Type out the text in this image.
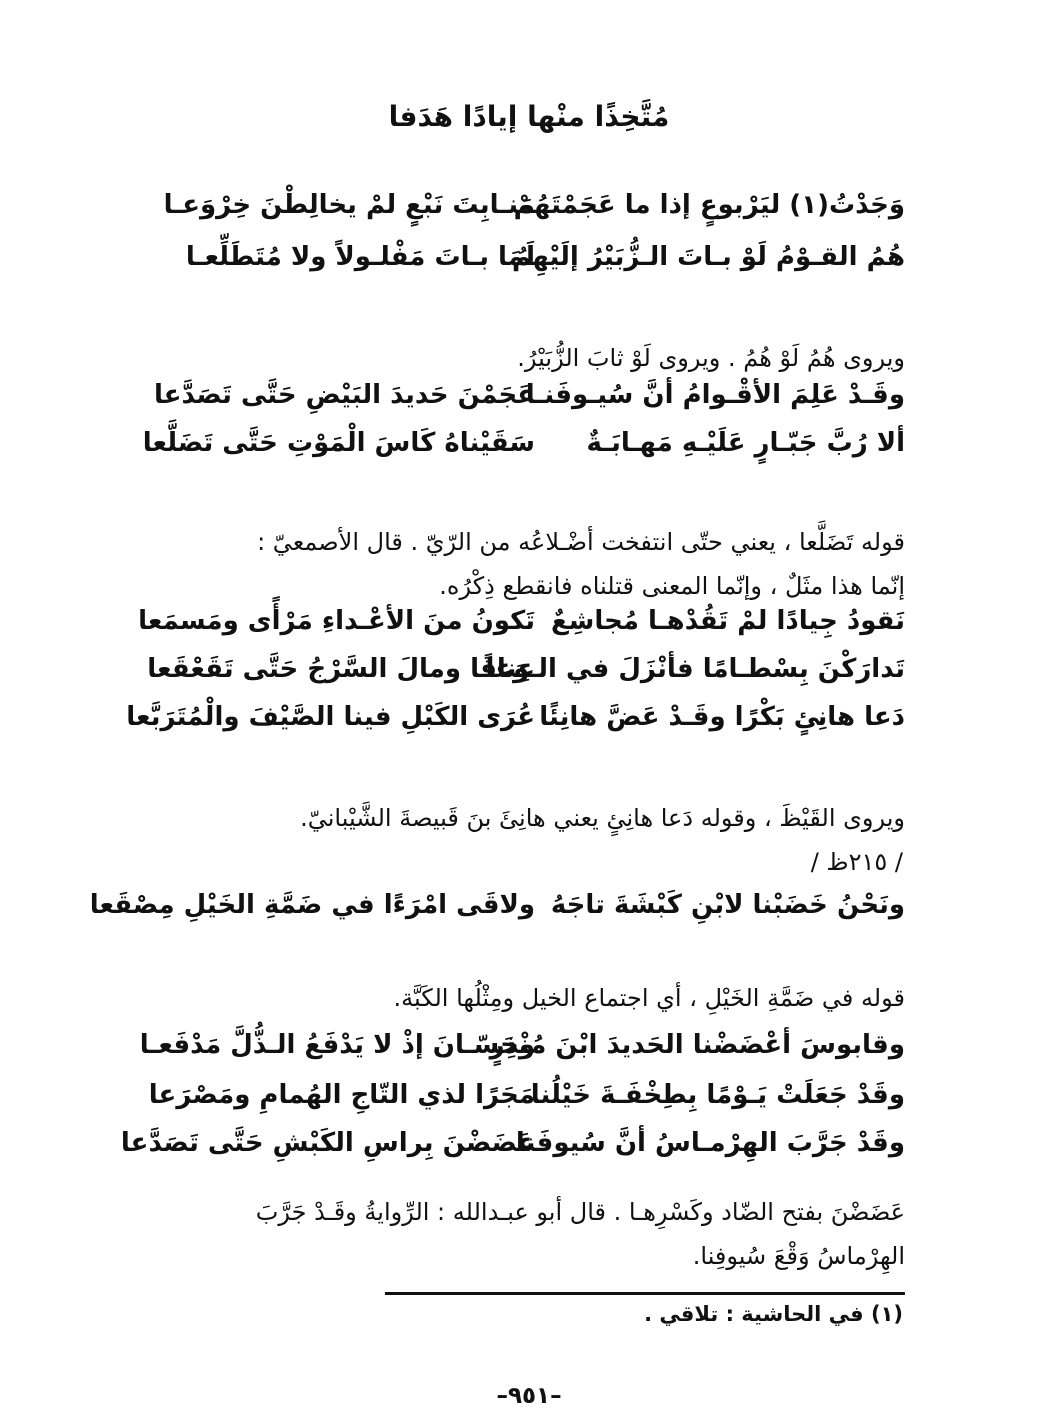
مُتَّخِذًا منْها إيادًا هَدَفا
وَجَدْتُ(١) ليَرْبوعٍ إذا ما عَجَمْتَهُمْ
مَنـابِتَ نَبْعٍ لمْ يخالِطْنَ خِرْوَعـا
هُمُ القـوْمُ لَوْ بـاتَ الـزُّبَيْرُ إلَيْهِمُ
لَمَا بـاتَ مَفْلـولاً ولا مُتَطَلِّعـا
ويروى هُمُ لَوْ هُمُ . ويروى لَوْ ثابَ الزُّبَيْرُ.
وقَـدْ عَلِمَ الأقْـوامُ أنَّ سُيـوفَنـا
عَجَمْنَ حَديدَ البَيْضِ حَتَّى تَصَدَّعا
ألا رُبَّ جَبّـارٍ عَلَيْـهِ مَهـابَـةٌ
سَقَيْناهُ كَاسَ الْمَوْتِ حَتَّى تَضَلَّعا
قوله تَضَلَّعا ، يعني حتّى انتفخت أضْـلاعُه من الرّيّ . قال الأصمعيّ :
إنّما هذا مثَلٌ ، وإنّما المعنى قتلناه فانقطع ذِكْرُه.
نَقودُ جِيادًا لمْ تَقُدْهـا مُجاشِعٌ
تَكونُ منَ الأعْـداءِ مَرْأًى ومَسمَعا
تَدارَكْنَ بِسْطـامًا فأنْزَلَ في الـوَغا
عِناقًا ومالَ السَّرْجُ حَتَّى تَقَعْقَعا
دَعا هانِئٍ بَكْرًا وقَـدْ عَضَّ هانِئًا
عُرَى الكَبْلِ فينا الصَّيْفَ والْمُتَرَبَّعا
ويروى القَيْظَ ، وقوله دَعا هانِئٍ يعني هانِئَ بنَ قَبيصةَ الشَّيْبانيّ.
/ ٢١٥ظ /
ونَحْنُ خَضَبْنا لابْنِ كَبْشَةَ تاجَهُ
ولاقَى امْرَءًا في ضَمَّةِ الخَيْلِ مِصْقَعا
قوله في ضَمَّةِ الخَيْلِ ، أي اجتماع الخيل ومِثْلُها الكَبَّة.
وقابوسَ أعْضَضْنا الحَديدَ ابْنَ مُنْذِرٍ
وحَسّـانَ إذْ لا يَدْفَعُ الـذُّلَّ مَدْفَعـا
وقَدْ جَعَلَتْ يَـوْمًا بِطِخْفَـةَ خَيْلُنا
مَجَرًا لذي التّاجِ الهُمامِ ومَصْرَعا
وقَدْ جَرَّبَ الهِرْمـاسُ أنَّ سُيوفَنا
عَضَضْنَ بِراسِ الكَبْشِ حَتَّى تَصَدَّعا
عَضَضْنَ بفتح الضّاد وكَسْرِهـا . قال أبو عبـدالله : الرِّوايةُ وقَـدْ جَرَّبَ
الهِرْماسُ وَقْعَ سُيوفِنا.
(١) في الحاشية : تلاقي .
–٩٥١–
